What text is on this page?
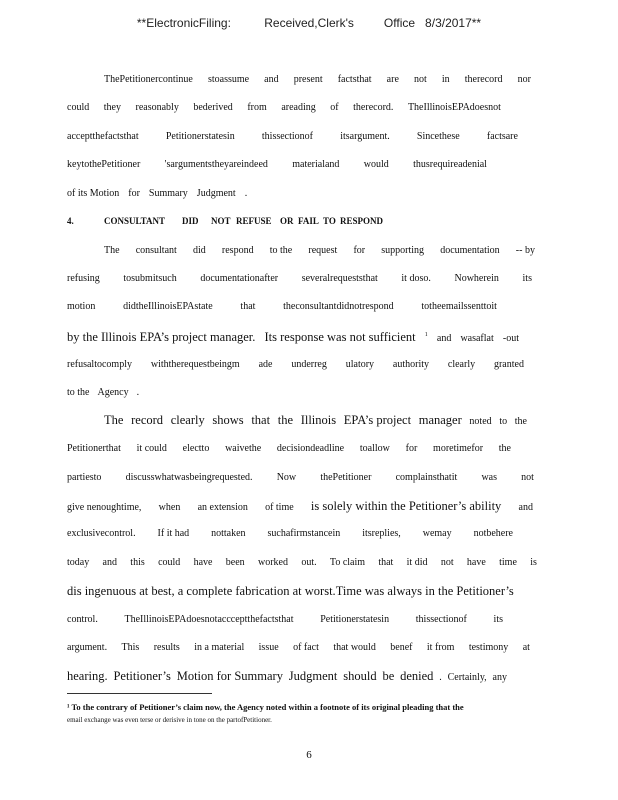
**ElectronicFiling:          Received,Clerk's         Office   8/3/2017**
ThePetitionercontinue stoassume and present factsthat are not in therecord nor
could they reasonably bederived from areading of therecord. TheIllinoisEPAdoesnot
acceptthefactsthat	Petitionerstatesin	thissectionof	itsargument.	Sincethese	factsare
keytothePetitioner 'sargumentstheyareindeed materialand would thusrequireadenial
of its Motion for Summary Judgment .
4.	CONSULTANT	DID	NOT REFUSE OR FAIL TO RESPOND
The consultant did respond to the request for supporting documentation -- by
refusing tosubmitsuch documentationafter severalrequeststhat it doso. Nowherein its
motion	didtheIllinoisEPAstate	that	theconsultantdidnotrespond	totheemailssenttoit
by the Illinois EPA’s project manager. Its response was not sufficient $^1$ and wasaflat -out
refusaltocomply withtherequestbeingm ade underreg ulatory authority clearly granted
to the Agency .
The record clearly shows that the Illinois EPA’s project manager noted to the
Petitionerthat it could electto waivethe decisiondeadline toallow for moretimefor the
partiesto discusswhatwasbeingrequested. Now thePetitioner complainsthatit was not
give nenoughtime, when an extension of time is solely within the Petitioner’s ability and
exclusivecontrol. If it had nottaken suchafirmstancein itsreplies, wemay notbehere
today and this could have been worked out. To claim that it did not have time is
dis ingenuous at best, a complete fabrication at worst. Time was always in the Petitioner’s
control.	TheIllinoisEPAdoesnotaccceptthefactsthat	Petitionerstatesin	thissectionof	its
argument. This results in a material issue of fact that would benef it from testimony at
hearing. Petitioner’s Motion for Summary Judgment should be denied . Certainly, any
¹ To the contrary of Petitioner’s claim now, the Agency noted within a footnote of its original pleading that the
email exchange was even terse or derisive in tone on the partofPetitioner.
6
